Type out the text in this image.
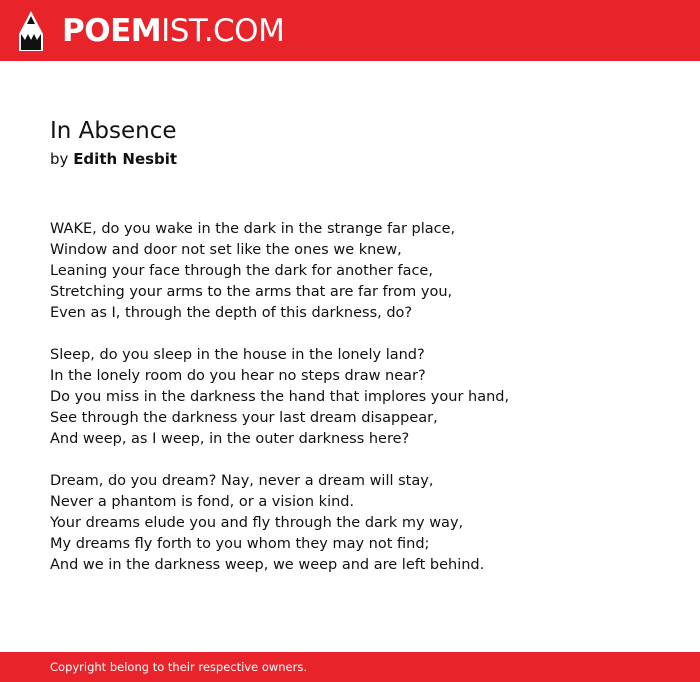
POEMIST.COM
In Absence
by Edith Nesbit
WAKE, do you wake in the dark in the strange far place,
Window and door not set like the ones we knew,
Leaning your face through the dark for another face,
Stretching your arms to the arms that are far from you,
Even as I, through the depth of this darkness, do?
Sleep, do you sleep in the house in the lonely land?
In the lonely room do you hear no steps draw near?
Do you miss in the darkness the hand that implores your hand,
See through the darkness your last dream disappear,
And weep, as I weep, in the outer darkness here?
Dream, do you dream? Nay, never a dream will stay,
Never a phantom is fond, or a vision kind.
Your dreams elude you and fly through the dark my way,
My dreams fly forth to you whom they may not find;
And we in the darkness weep, we weep and are left behind.
Copyright belong to their respective owners.
